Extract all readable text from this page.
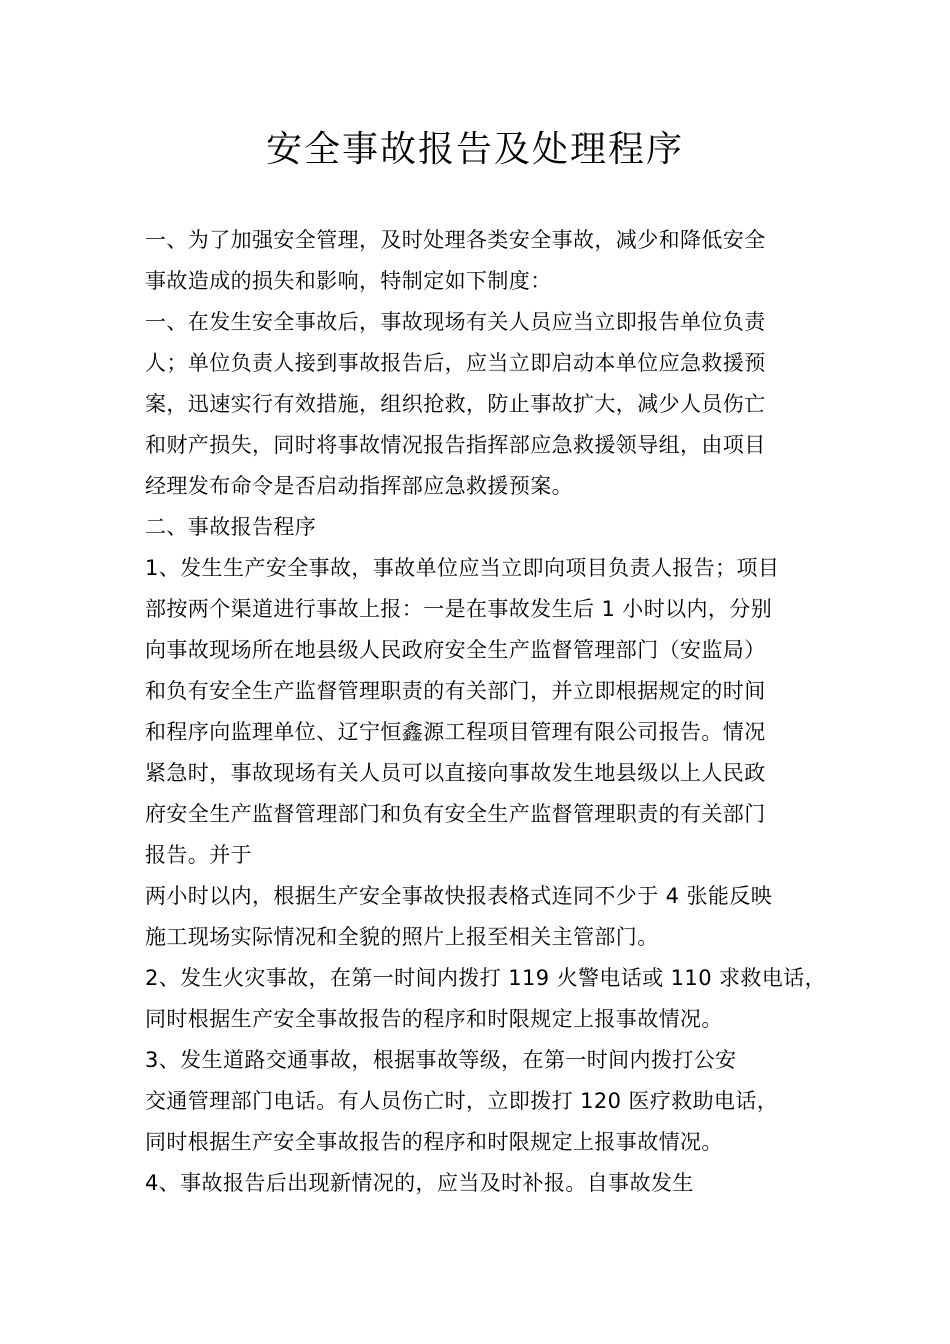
安全事故报告及处理程序
一、为了加强安全管理，及时处理各类安全事故，减少和降低安全
事故造成的损失和影响，特制定如下制度：
一、在发生安全事故后，事故现场有关人员应当立即报告单位负责
人；单位负责人接到事故报告后，应当立即启动本单位应急救援预
案，迅速实行有效措施，组织抢救，防止事故扩大，减少人员伤亡
和财产损失，同时将事故情况报告指挥部应急救援领导组，由项目
经理发布命令是否启动指挥部应急救援预案。
二、事故报告程序
1、发生生产安全事故，事故单位应当立即向项目负责人报告；项目
部按两个渠道进行事故上报：一是在事故发生后 1 小时以内，分别
向事故现场所在地县级人民政府安全生产监督管理部门（安监局）
和负有安全生产监督管理职责的有关部门，并立即根据规定的时间
和程序向监理单位、辽宁恒鑫源工程项目管理有限公司报告。情况
紧急时，事故现场有关人员可以直接向事故发生地县级以上人民政
府安全生产监督管理部门和负有安全生产监督管理职责的有关部门
报告。并于
两小时以内，根据生产安全事故快报表格式连同不少于 4 张能反映
施工现场实际情况和全貌的照片上报至相关主管部门。
2、发生火灾事故，在第一时间内拨打 119 火警电话或 110 求救电话，
同时根据生产安全事故报告的程序和时限规定上报事故情况。
3、发生道路交通事故，根据事故等级，在第一时间内拨打公安
交通管理部门电话。有人员伤亡时，立即拨打 120 医疗救助电话，
同时根据生产安全事故报告的程序和时限规定上报事故情况。
4、事故报告后出现新情况的，应当及时补报。自事故发生
